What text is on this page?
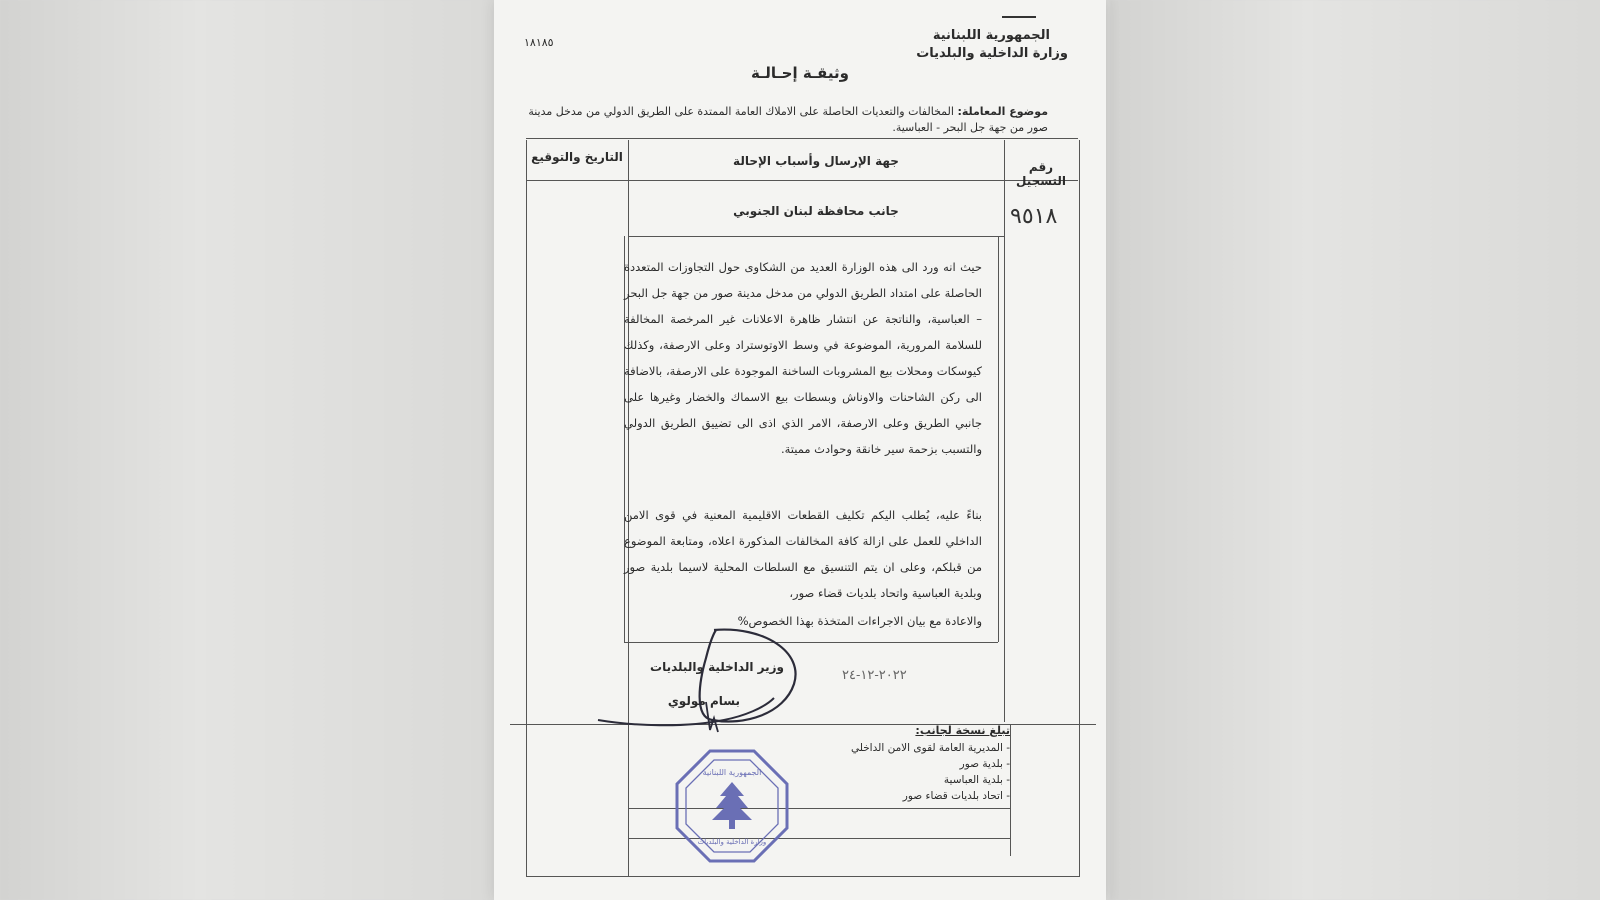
الجمهورية اللبنانية
وزارة الداخلية والبلديات
١٨١٨٥
وثيقـة إحـالـة
موضوع المعاملة: المخالفات والتعديات الحاصلة على الاملاك العامة الممتدة على الطريق الدولي من مدخل مدينة صور من جهة جل البحر - العباسية.
رقم التسجيل
جهة الإرسال وأسباب الإحالة
التاريخ والتوقيع
٩٥١٨
جانب محافظة لبنان الجنوبي
حيث انه ورد الى هذه الوزارة العديد من الشكاوى حول التجاوزات المتعددة الحاصلة على امتداد الطريق الدولي من مدخل مدينة صور من جهة جل البحر – العباسية، والناتجة عن انتشار ظاهرة الاعلانات غير المرخصة المخالفة للسلامة المرورية، الموضوعة في وسط الاوتوستراد وعلى الارصفة، وكذلك كيوسكات ومحلات بيع المشروبات الساخنة الموجودة على الارصفة، بالاضافة الى ركن الشاحنات والاوناش وبسطات بيع الاسماك والخضار وغيرها على جانبي الطريق وعلى الارصفة، الامر الذي اذى الى تضييق الطريق الدولي والتسبب بزحمة سير خانقة وحوادث مميتة.
بناءً عليه، يُطلب اليكم تكليف القطعات الاقليمية المعنية في قوى الامن الداخلي للعمل على ازالة كافة المخالفات المذكورة اعلاه، ومتابعة الموضوع من قبلكم، وعلى ان يتم التنسيق مع السلطات المحلية لاسيما بلدية صور وبلدية العباسية واتحاد بلديات قضاء صور،
والاعادة مع بيان الاجراءات المتخذة بهذا الخصوص%
وزير الداخلية والبلديات
بسام مولوي
٢٠٢٢-١٢-٢٤
تبلغ نسخة لجانب:
- المديرية العامة لقوى الامن الداخلي
- بلدية صور
- بلدية العباسية
- اتحاد بلديات قضاء صور
الجمهورية اللبنانية
وزارة الداخلية والبلديات
